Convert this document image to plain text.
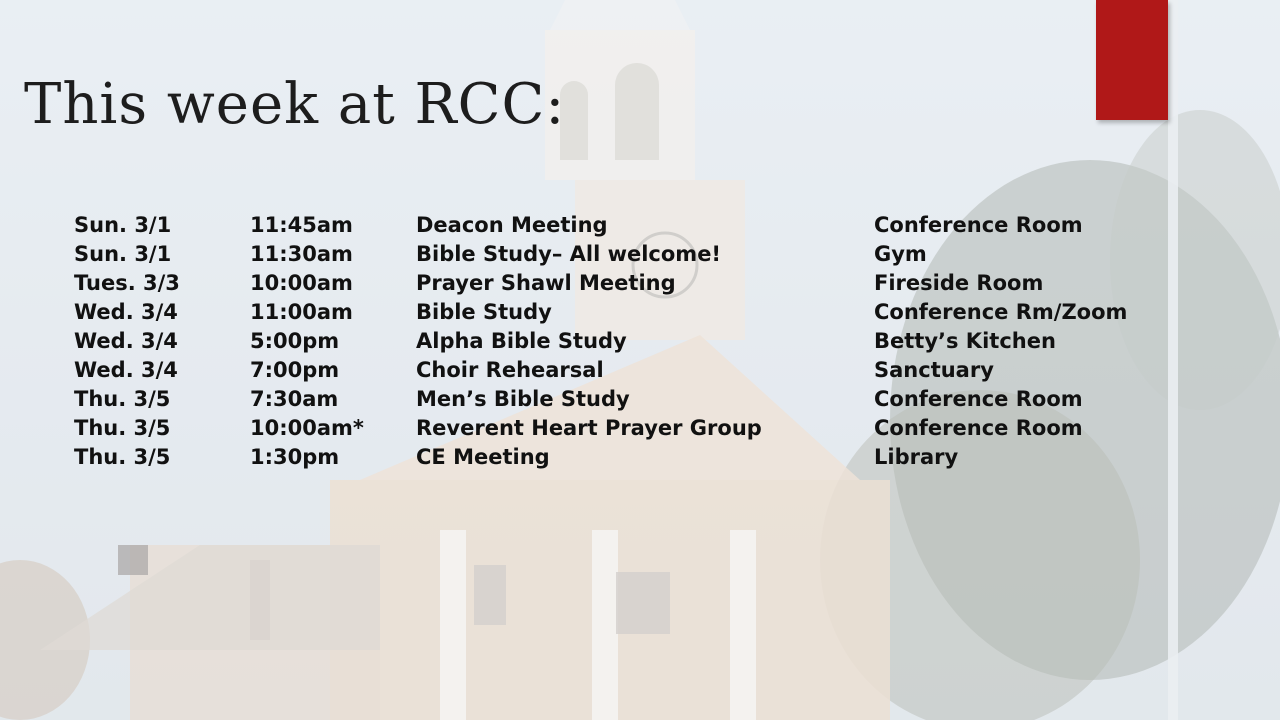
This week at RCC:
Sun. 3/1	11:45am	Deacon Meeting	Conference Room
Sun. 3/1	11:30am	Bible Study– All welcome!	Gym
Tues. 3/3	10:00am	Prayer Shawl Meeting	Fireside Room
Wed. 3/4	11:00am	Bible Study	Conference Rm/Zoom
Wed. 3/4	5:00pm	Alpha Bible Study	Betty’s Kitchen
Wed. 3/4	7:00pm	Choir Rehearsal	Sanctuary
Thu. 3/5	7:30am	Men’s Bible Study	Conference Room
Thu. 3/5	10:00am* Reverent Heart Prayer Group	Conference Room
Thu. 3/5	1:30pm	CE Meeting	Library
